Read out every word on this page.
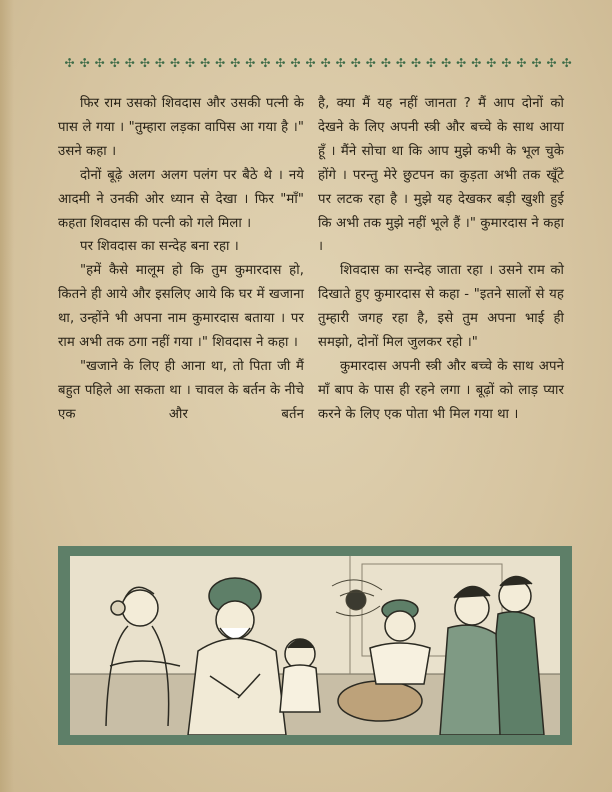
✣ ✣ ✣ ✣ ✣ ✣ ✣ ✣ ✣ ✣ ✣ ✣ ✣ ✣ ✣ ✣ ✣ ✣ ✣ ✣ ✣ ✣ ✣ ✣ ✣ ✣ ✣ ✣ ✣ ✣ ✣ ✣ ✣ ✣

फिर राम उसको शिवदास और उसकी पत्नी के पास ले गया । "तुम्हारा लड़का वापिस आ गया है ।" उसने कहा ।

दोनों बूढ़े अलग अलग पलंग पर बैठे थे । नये आदमी ने उनकी ओर ध्यान से देखा । फिर "माँ" कहता शिवदास की पत्नी को गले मिला ।

पर शिवदास का सन्देह बना रहा ।

"हमें कैसे मालूम हो कि तुम कुमारदास हो, कितने ही आये और इसलिए आये कि घर में खजाना था, उन्होंने भी अपना नाम कुमारदास बताया । पर राम अभी तक ठगा नहीं गया ।" शिवदास ने कहा ।

"खजाने के लिए ही आना था, तो पिता जी मैं बहुत पहिले आ सकता था । चावल के बर्तन के नीचे एक और बर्तन

है, क्या मैं यह नहीं जानता ? मैं आप दोनों को देखने के लिए अपनी स्त्री और बच्चे के साथ आया हूँ । मैंने सोचा था कि आप मुझे कभी के भूल चुके होंगे । परन्तु मेरे छुटपन का कुड़ता अभी तक खूँटे पर लटक रहा है । मुझे यह देखकर बड़ी खुशी हुई कि अभी तक मुझे नहीं भूले हैं ।" कुमारदास ने कहा ।

शिवदास का सन्देह जाता रहा । उसने राम को दिखाते हुए कुमारदास से कहा - "इतने सालों से यह तुम्हारी जगह रहा है, इसे तुम अपना भाई ही समझो, दोनों मिल जुलकर रहो ।"

कुमारदास अपनी स्त्री और बच्चे के साथ अपने माँ बाप के पास ही रहने लगा । बूढ़ों को लाड़ प्यार करने के लिए एक पोता भी मिल गया था ।
